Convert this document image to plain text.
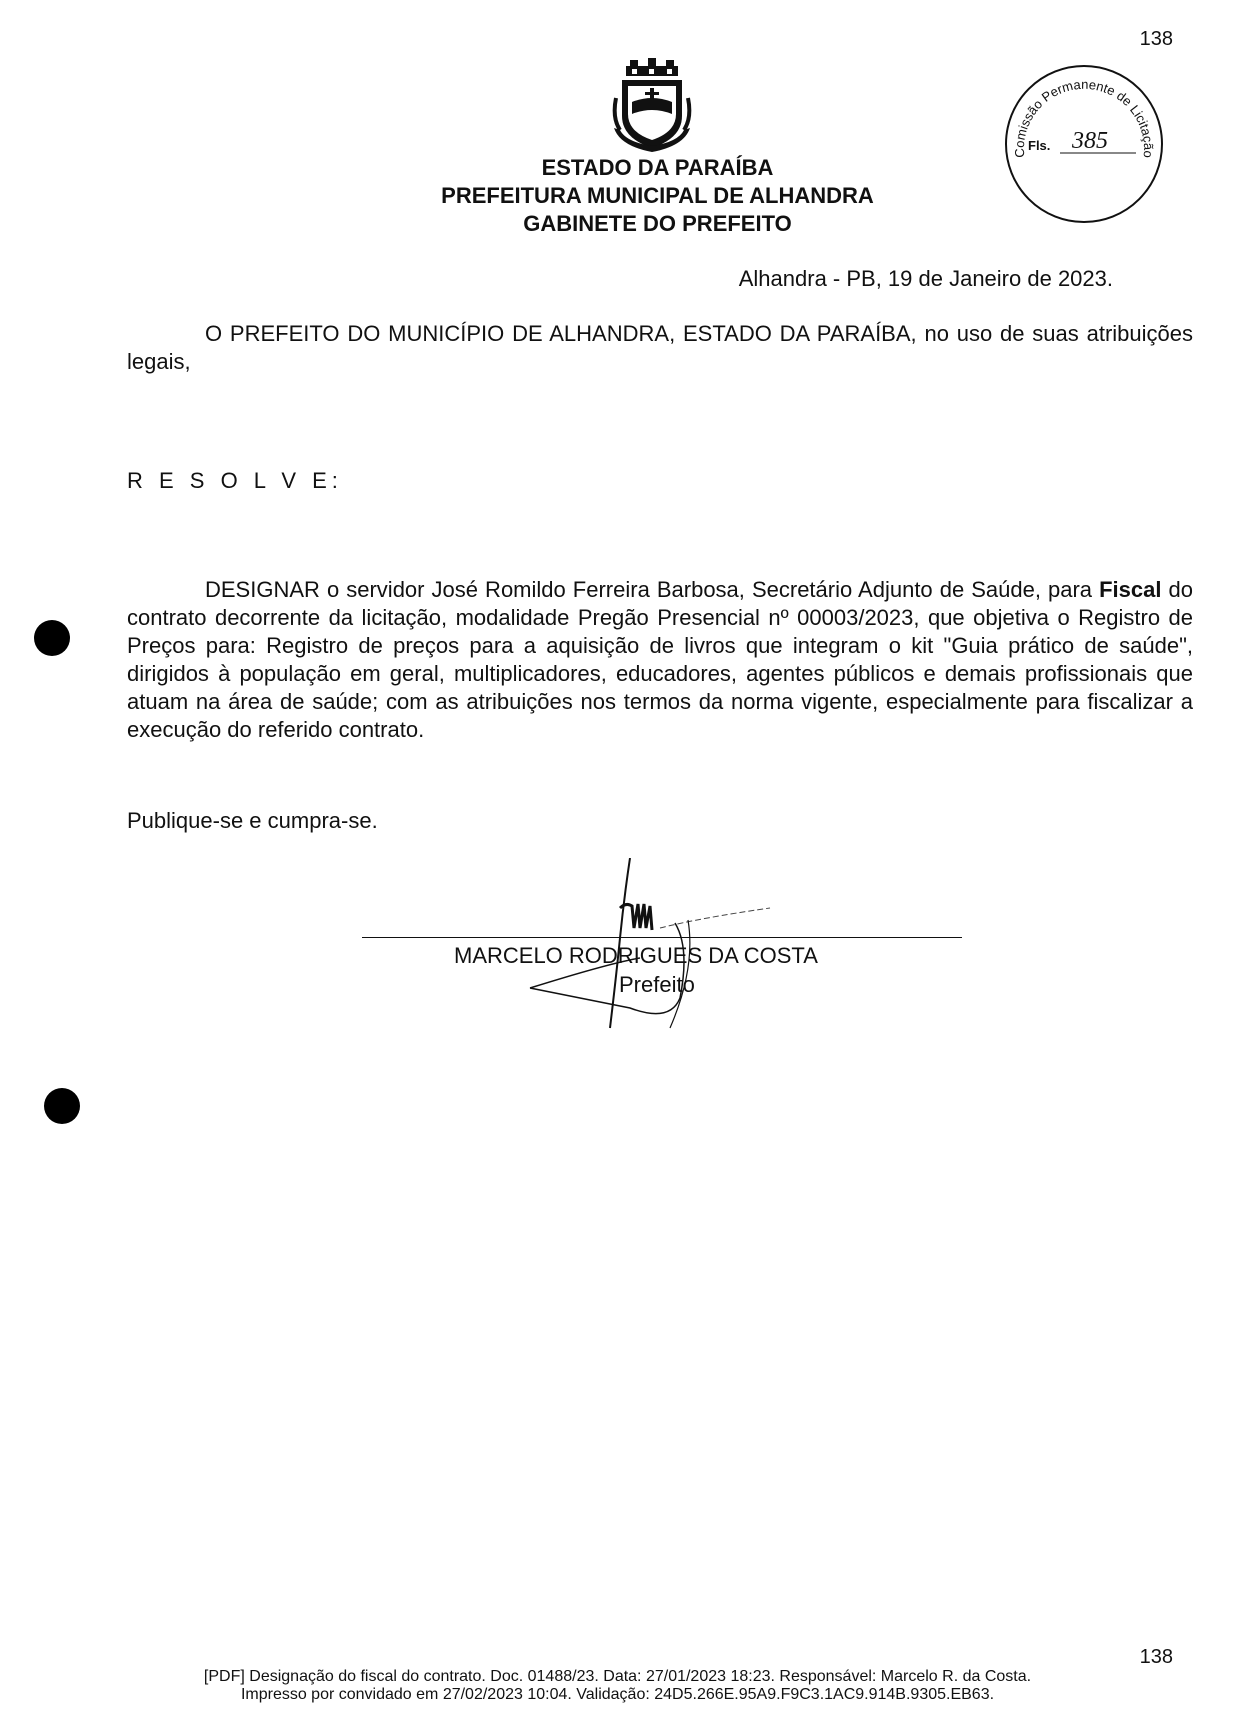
138
ESTADO DA PARAÍBA
PREFEITURA MUNICIPAL DE ALHANDRA
GABINETE DO PREFEITO
Comissão Permanente de Licitação
Fls. 385
Alhandra - PB, 19 de Janeiro de 2023.
O PREFEITO DO MUNICÍPIO DE ALHANDRA, ESTADO DA PARAÍBA, no uso de suas atribuições legais,
R E S O L V E:
DESIGNAR o servidor José Romildo Ferreira Barbosa, Secretário Adjunto de Saúde, para Fiscal do contrato decorrente da licitação, modalidade Pregão Presencial nº 00003/2023, que objetiva o Registro de Preços para: Registro de preços para a aquisição de livros que integram o kit "Guia prático de saúde", dirigidos à população em geral, multiplicadores, educadores, agentes públicos e demais profissionais que atuam na área de saúde; com as atribuições nos termos da norma vigente, especialmente para fiscalizar a execução do referido contrato.
Publique-se e cumpra-se.
MARCELO RODRIGUES DA COSTA
Prefeito
138
[PDF] Designação do fiscal do contrato. Doc. 01488/23. Data: 27/01/2023 18:23. Responsável: Marcelo R. da Costa.
Impresso por convidado em 27/02/2023 10:04. Validação: 24D5.266E.95A9.F9C3.1AC9.914B.9305.EB63.
